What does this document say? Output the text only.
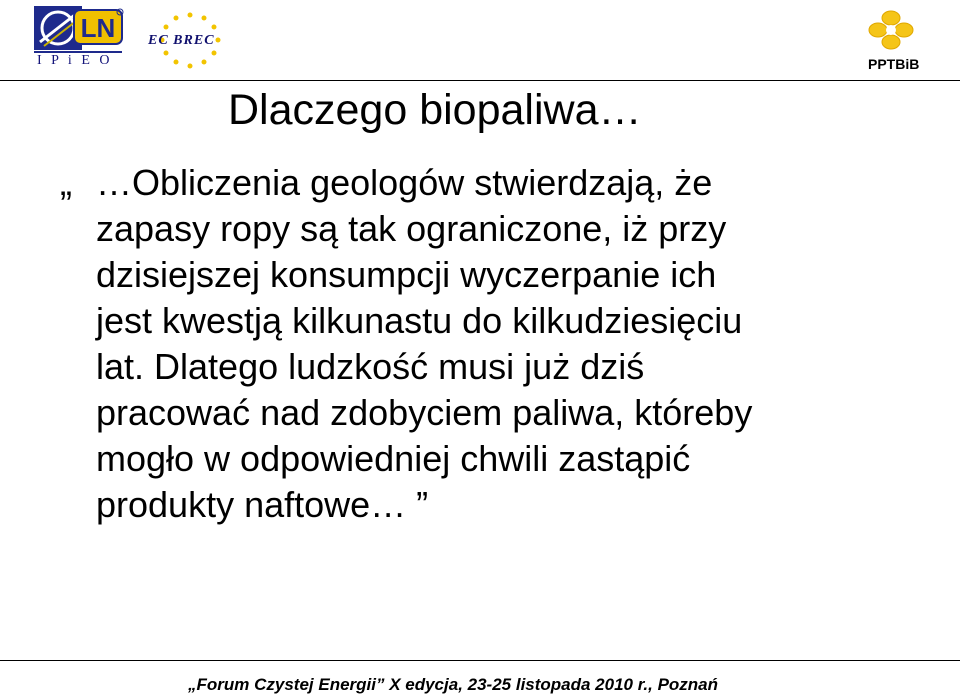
LN
I P i E O
EC BREC
PPTBiB
Dlaczego biopaliwa…
„ …Obliczenia geologów stwierdzają, że
zapasy ropy są tak ograniczone, iż przy
dzisiejszej konsumpcji wyczerpanie ich
jest kwestją kilkunastu do kilkudziesięciu
lat. Dlatego ludzkość musi już dziś
pracować nad zdobyciem paliwa, któreby
mogło w odpowiedniej chwili zastąpić
produkty naftowe… ”
„Forum Czystej Energii” X edycja, 23-25 listopada 2010 r., Poznań
